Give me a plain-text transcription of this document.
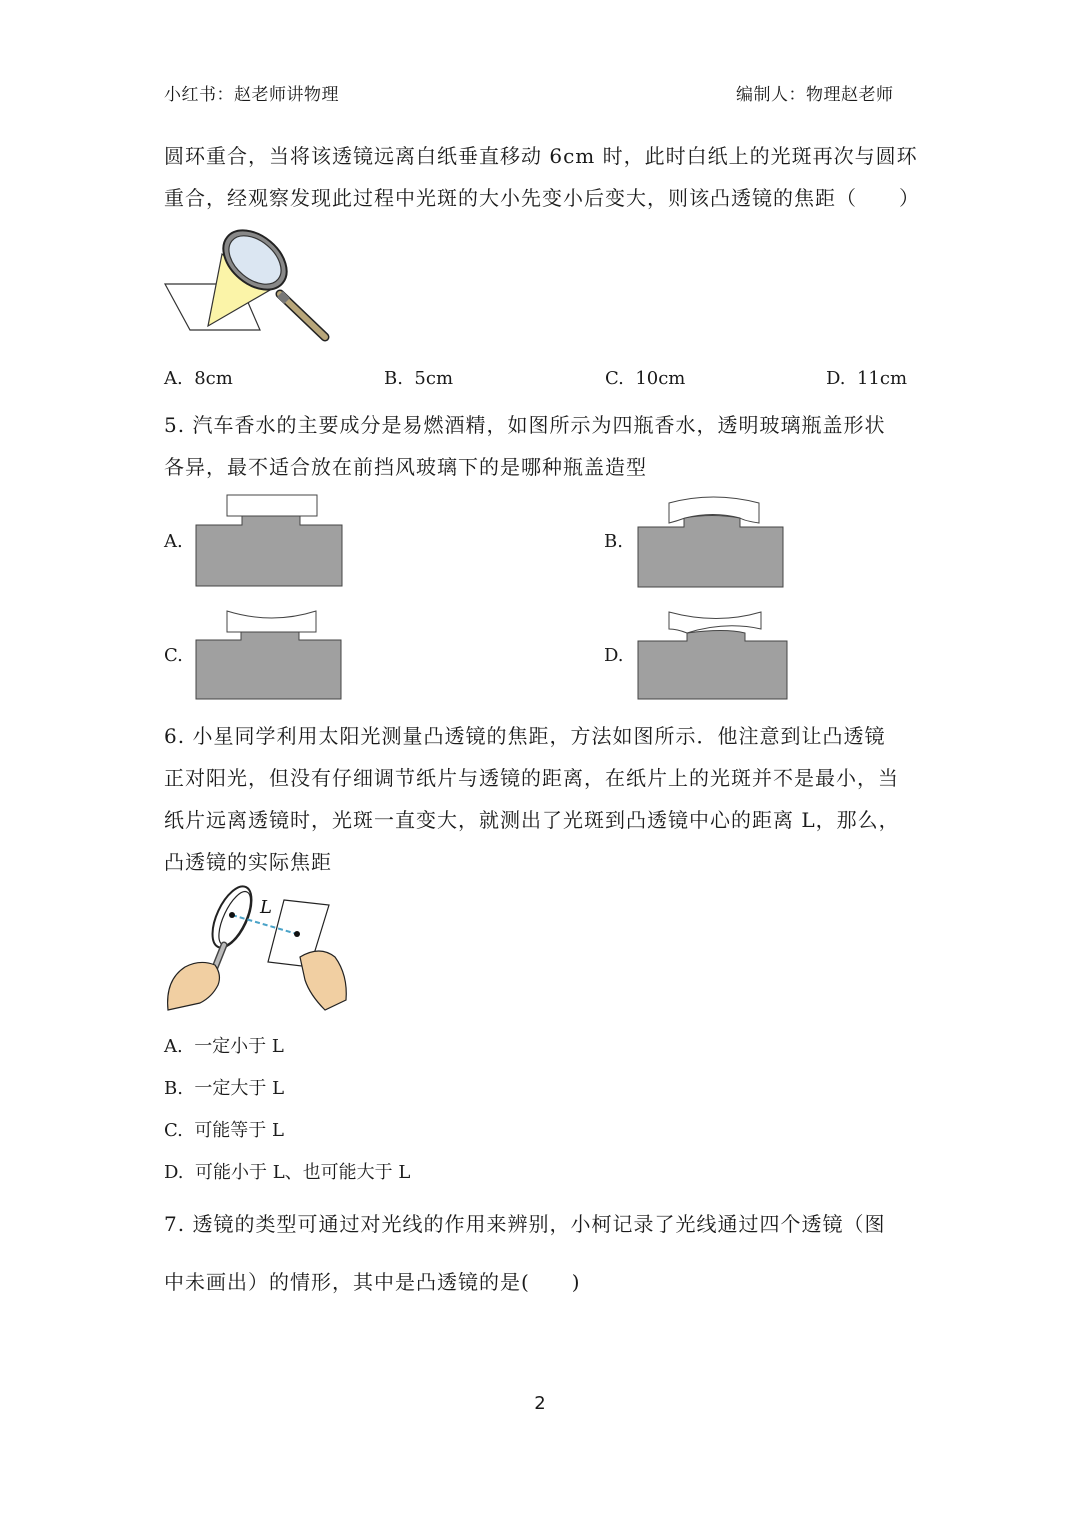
小红书：赵老师讲物理	编制人：物理赵老师
圆环重合，当将该透镜远离白纸垂直移动 6cm 时，此时白纸上的光斑再次与圆环
重合，经观察发现此过程中光斑的大小先变小后变大，则该凸透镜的焦距（　　）
A. 8cm	B. 5cm	C. 10cm	D. 11cm
5. 汽车香水的主要成分是易燃酒精，如图所示为四瓶香水，透明玻璃瓶盖形状
各异，最不适合放在前挡风玻璃下的是哪种瓶盖造型
A.	B.
C.	D.
6. 小星同学利用太阳光测量凸透镜的焦距，方法如图所示．他注意到让凸透镜
正对阳光，但没有仔细调节纸片与透镜的距离，在纸片上的光斑并不是最小，当
纸片远离透镜时，光斑一直变大，就测出了光斑到凸透镜中心的距离 L，那么，
凸透镜的实际焦距
L
A. 一定小于 L
B. 一定大于 L
C. 可能等于 L
D. 可能小于 L、也可能大于 L
7. 透镜的类型可通过对光线的作用来辨别，小柯记录了光线通过四个透镜（图
中未画出）的情形，其中是凸透镜的是(　　)
2
